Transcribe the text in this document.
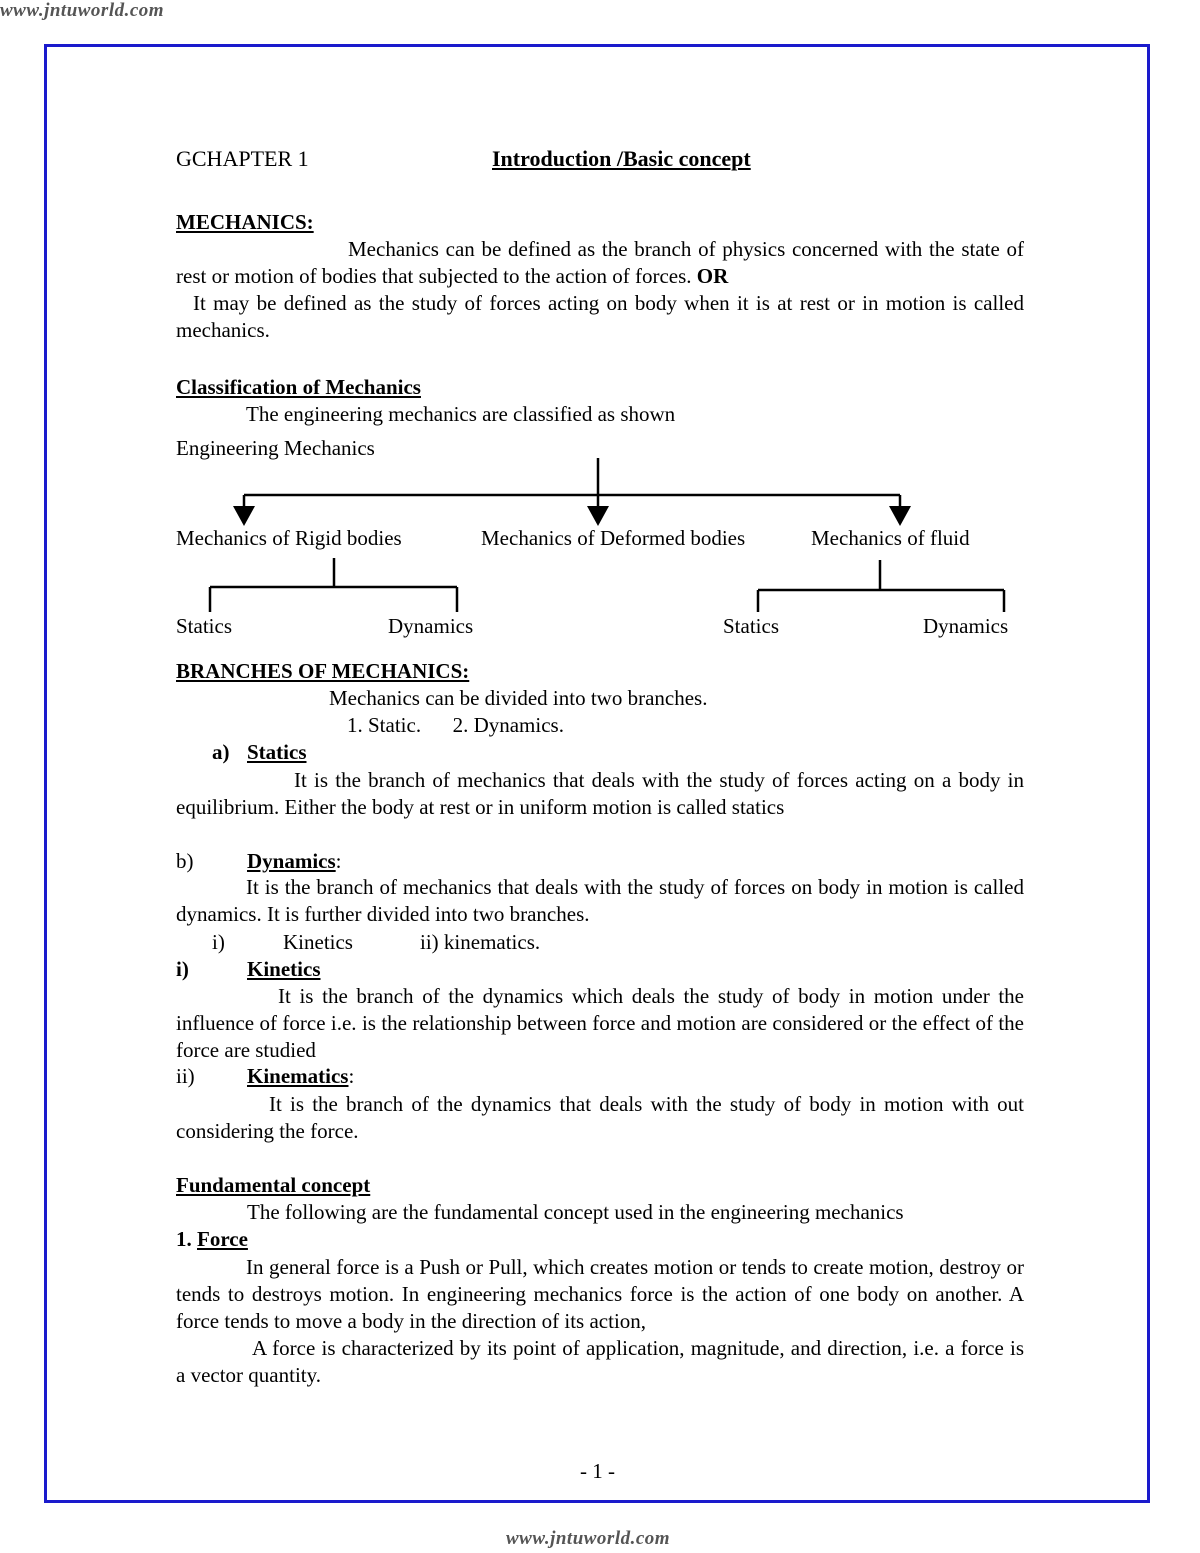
www.jntuworld.com
www.jntuworld.com
GCHAPTER 1	Introduction /Basic concept
MECHANICS:
Mechanics can be defined as the branch of physics concerned with the state of rest or motion of bodies that subjected to the action of forces. OR
It may be defined as the study of forces acting on body when it is at rest or in motion is called mechanics.
Classification of Mechanics
The engineering mechanics are classified as shown
Engineering Mechanics
Mechanics of Rigid bodies	Mechanics of Deformed bodies	Mechanics of fluid
Statics	Dynamics	Statics	Dynamics
BRANCHES OF MECHANICS:
Mechanics can be divided into two branches.
1. Static.      2. Dynamics.
a) Statics
It is the branch of mechanics that deals with the study of forces acting on a body in equilibrium. Either the body at rest or in uniform motion is called statics
b)	Dynamics:
It is the branch of mechanics that deals with the study of forces on body in motion is called dynamics. It is further divided into two branches.
i)	Kinetics	ii) kinematics.
i)	Kinetics
It is the branch of the dynamics which deals the study of body in motion under the influence of force i.e. is the relationship between force and motion are considered or the effect of the force are studied
ii) Kinematics:
It is the branch of the dynamics that deals with the study of body in motion with out considering the force.
Fundamental concept
The following are the fundamental concept used in the engineering mechanics
1. Force
In general force is a Push or Pull, which creates motion or tends to create motion, destroy or tends to destroys motion. In engineering mechanics force is the action of one body on another. A force tends to move a body in the direction of its action,
A force is characterized by its point of application, magnitude, and direction, i.e. a force is a vector quantity.
- 1 -
